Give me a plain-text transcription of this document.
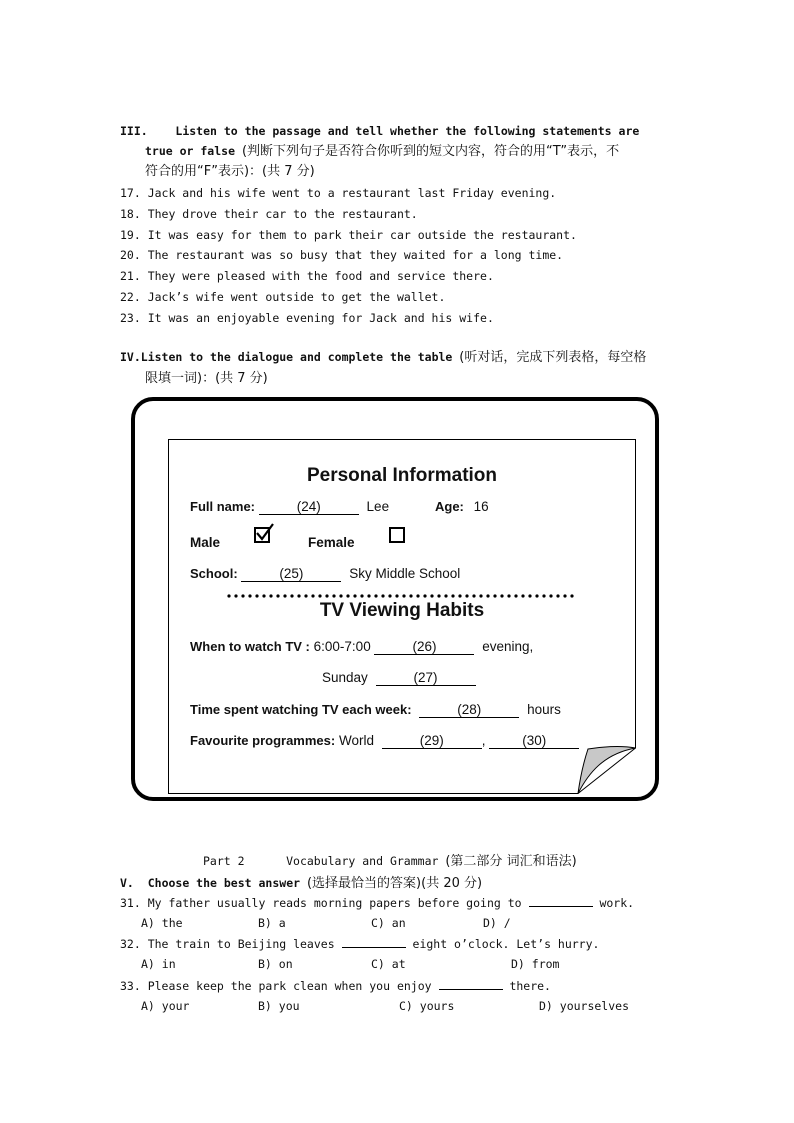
III. Listen to the passage and tell whether the following statements are
true or false (判断下列句子是否符合你听到的短文内容，符合的用“T”表示，不
符合的用“F”表示)：(共 7 分)
17. Jack and his wife went to a restaurant last Friday evening.
18. They drove their car to the restaurant.
19. It was easy for them to park their car outside the restaurant.
20. The restaurant was so busy that they waited for a long time.
21. They were pleased with the food and service there.
22. Jack’s wife went outside to get the wallet.
23. It was an enjoyable evening for Jack and his wife.
IV.Listen to the dialogue and complete the table (听对话，完成下列表格，每空格
限填一词)：(共 7 分)
Personal Information
Full name:	(24)	Lee	Age: 16
Male	Female
School:	(25)	Sky Middle School
TV Viewing Habits
When to watch TV : 6:00-7:00	(26)	evening,
Sunday	(27)
Time spent watching TV each week:	(28)	hours
Favourite programmes: World	(29)	,	(30)
Part 2	Vocabulary and Grammar (第二部分 词汇和语法)
V. Choose the best answer (选择最恰当的答案)(共 20 分)
31. My father usually reads morning papers before going to	work.
A) the	B) a	C) an	D) /
32. The train to Beijing leaves	eight o’clock. Let’s hurry.
A) in	B) on	C) at	D) from
33. Please keep the park clean when you enjoy	there.
A) your	B) you	C) yours	D) yourselves
